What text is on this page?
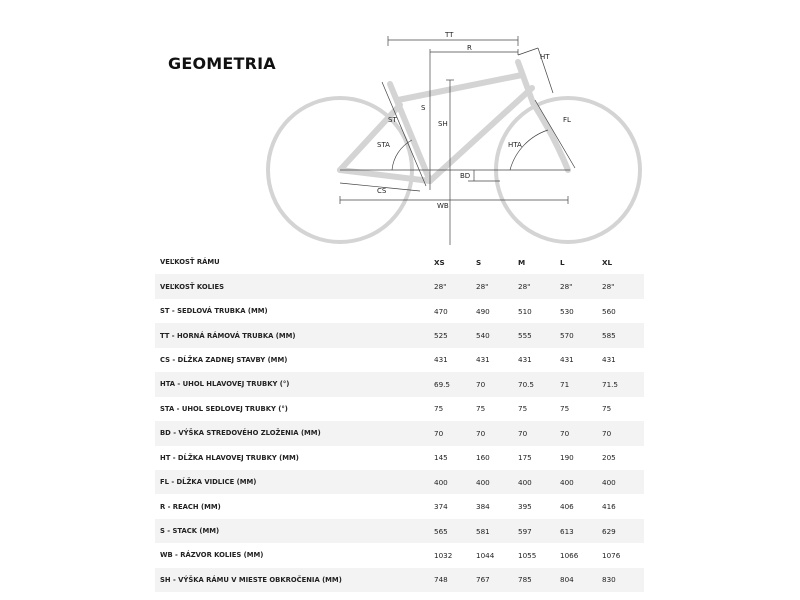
GEOMETRIA
TT
R
HT
S
ST	SH	FL
STA	HTA
BD
CS
WB
VEĽKOSŤ RÁMU	XS	S	M	L	XL
VEĽKOSŤ KOLIES	28"	28"	28"	28"	28"
ST - SEDLOVÁ TRUBKA (MM)	470	490	510	530	560
TT - HORNÁ RÁMOVÁ TRUBKA (MM)	525	540	555	570	585
CS - DĹŽKA ZADNEJ STAVBY (MM)	431	431	431	431	431
HTA - UHOL HLAVOVEJ TRUBKY (°)	69.5	70	70.5	71	71.5
STA - UHOL SEDLOVEJ TRUBKY (°)	75	75	75	75	75
BD - VÝŠKA STREDOVÉHO ZLOŽENIA (MM)	70	70	70	70	70
HT - DĹŽKA HLAVOVEJ TRUBKY (MM)	145	160	175	190	205
FL - DĹŽKA VIDLICE (MM)	400	400	400	400	400
R - REACH (MM)	374	384	395	406	416
S - STACK (MM)	565	581	597	613	629
WB - RÁZVOR KOLIES (MM)	1032	1044	1055	1066	1076
SH - VÝŠKA RÁMU V MIESTE OBKROČENIA (MM)	748	767	785	804	830
